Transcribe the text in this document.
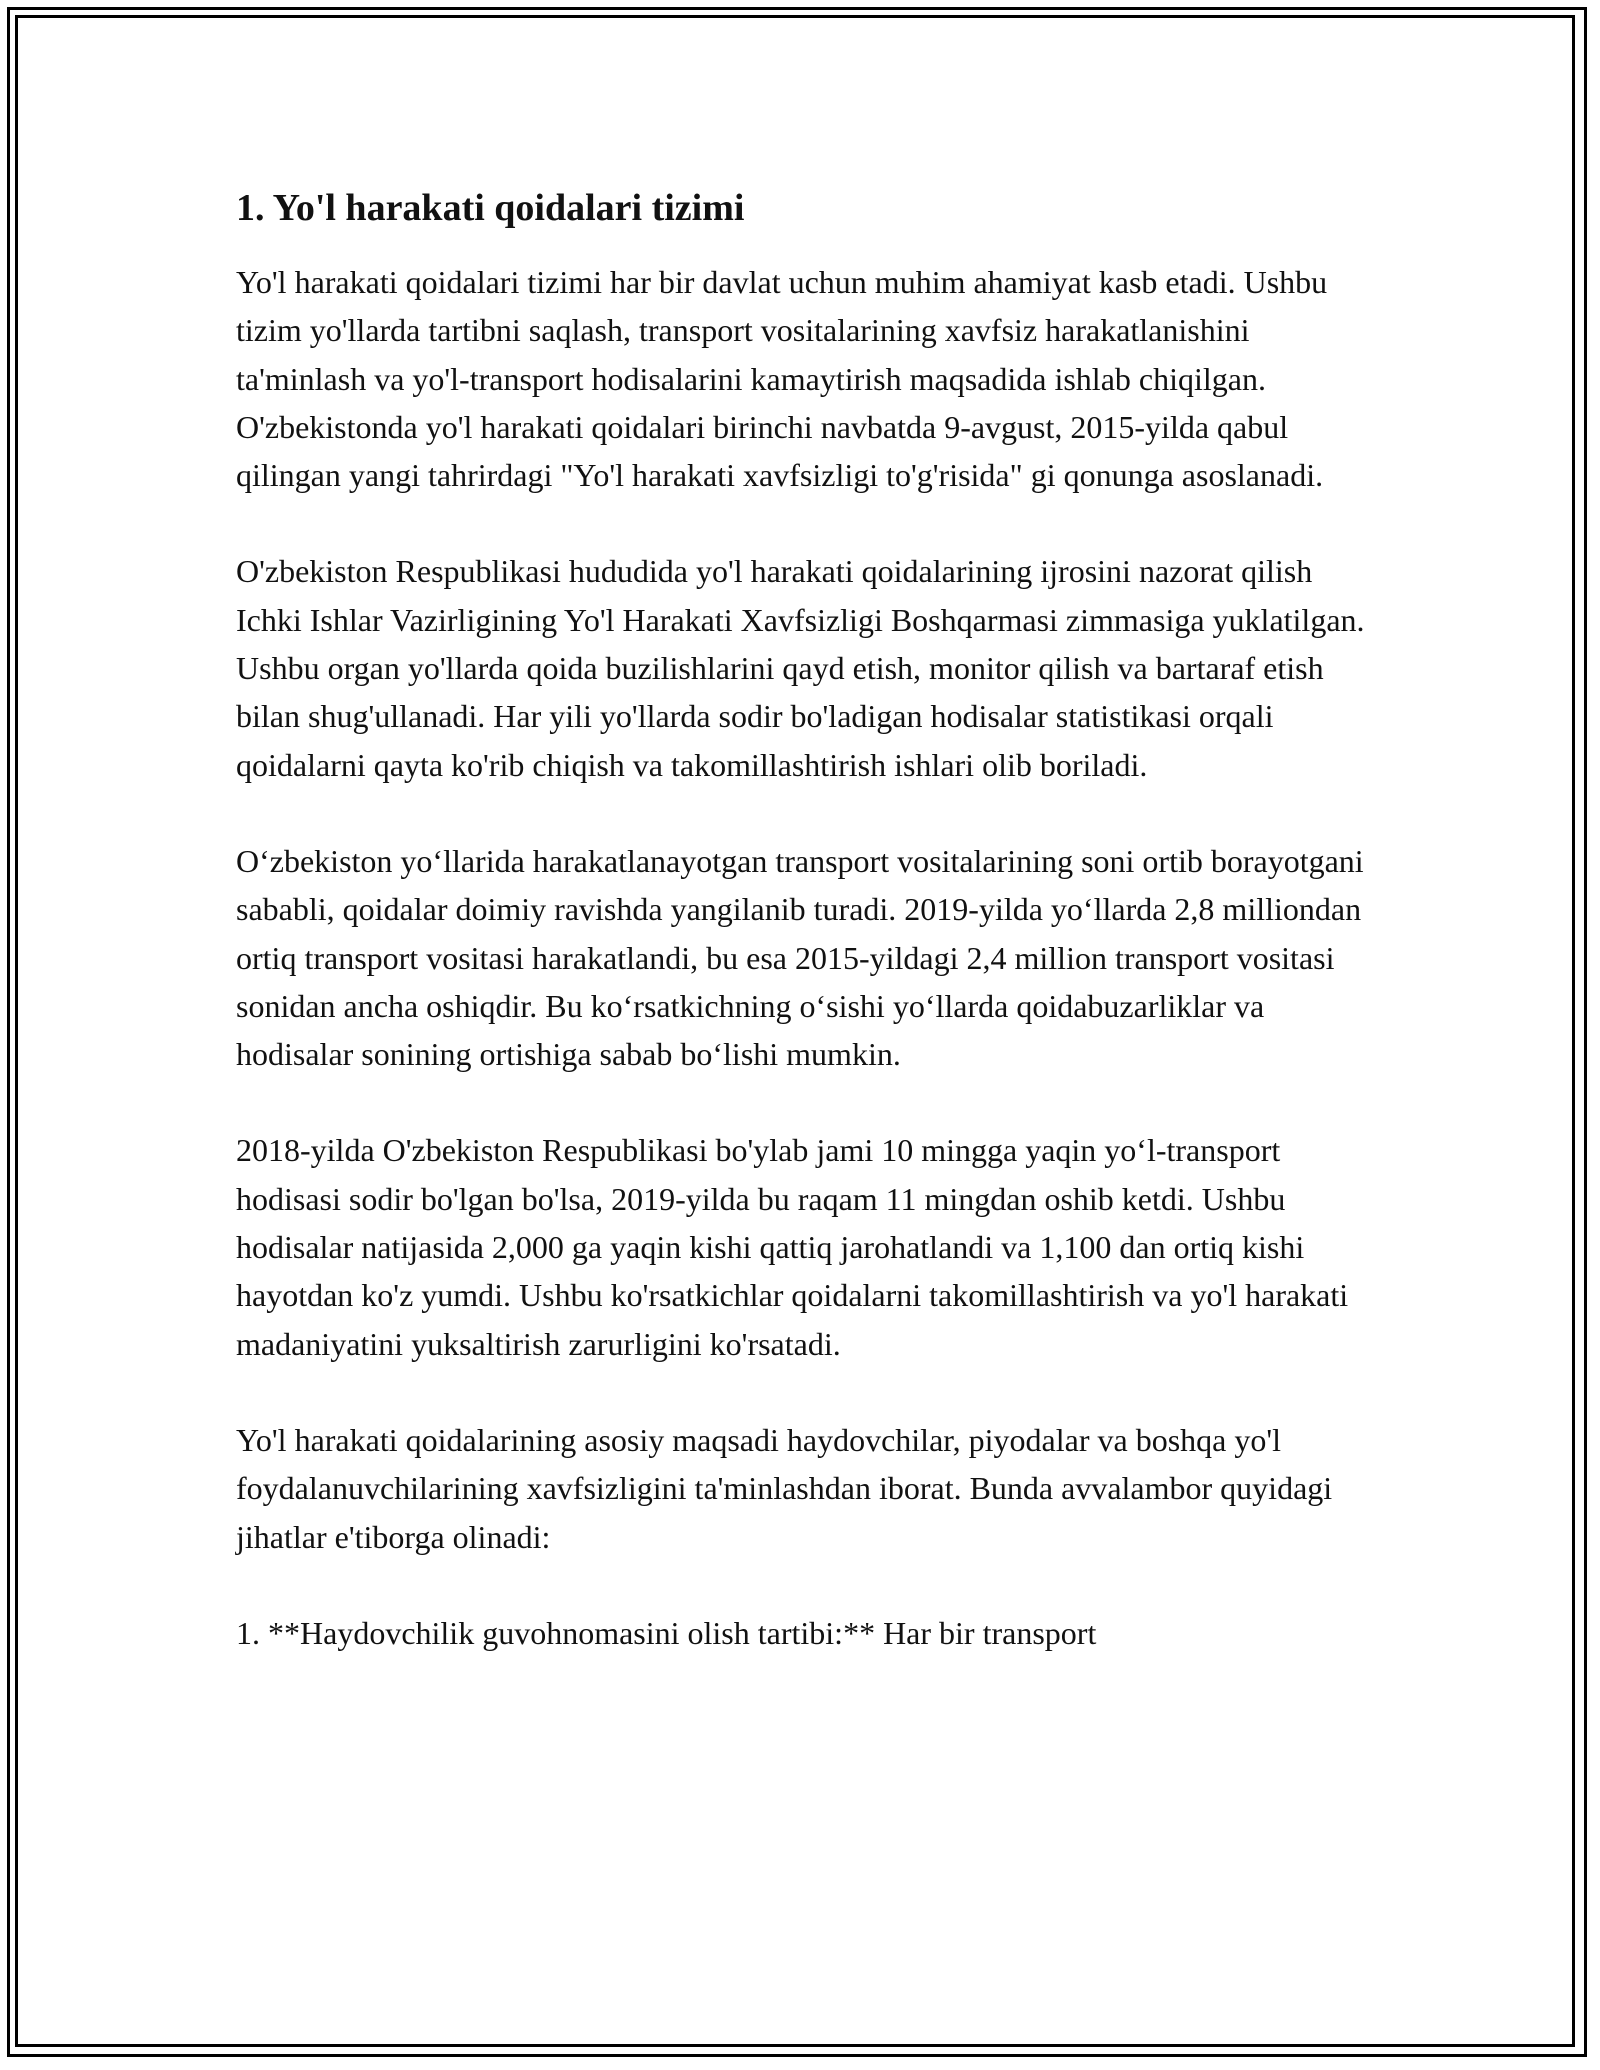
1. Yo'l harakati qoidalari tizimi

Yo'l harakati qoidalari tizimi har bir davlat uchun muhim ahamiyat kasb etadi. Ushbu tizim yo'llarda tartibni saqlash, transport vositalarining xavfsiz harakatlanishini ta'minlash va yo'l-transport hodisalarini kamaytirish maqsadida ishlab chiqilgan. O'zbekistonda yo'l harakati qoidalari birinchi navbatda 9-avgust, 2015-yilda qabul qilingan yangi tahrirdagi "Yo'l harakati xavfsizligi to'g'risida" gi qonunga asoslanadi.

O'zbekiston Respublikasi hududida yo'l harakati qoidalarining ijrosini nazorat qilish Ichki Ishlar Vazirligining Yo'l Harakati Xavfsizligi Boshqarmasi zimmasiga yuklatilgan. Ushbu organ yo'llarda qoida buzilishlarini qayd etish, monitor qilish va bartaraf etish bilan shug'ullanadi. Har yili yo'llarda sodir bo'ladigan hodisalar statistikasi orqali qoidalarni qayta ko'rib chiqish va takomillashtirish ishlari olib boriladi.

O‘zbekiston yo‘llarida harakatlanayotgan transport vositalarining soni ortib borayotgani sababli, qoidalar doimiy ravishda yangilanib turadi. 2019-yilda yo‘llarda 2,8 milliondan ortiq transport vositasi harakatlandi, bu esa 2015-yildagi 2,4 million transport vositasi sonidan ancha oshiqdir. Bu ko‘rsatkichning o‘sishi yo‘llarda qoidabuzarliklar va hodisalar sonining ortishiga sabab bo‘lishi mumkin.

2018-yilda O'zbekiston Respublikasi bo'ylab jami 10 mingga yaqin yo‘l-transport hodisasi sodir bo'lgan bo'lsa, 2019-yilda bu raqam 11 mingdan oshib ketdi. Ushbu hodisalar natijasida 2,000 ga yaqin kishi qattiq jarohatlandi va 1,100 dan ortiq kishi hayotdan ko'z yumdi. Ushbu ko'rsatkichlar qoidalarni takomillashtirish va yo'l harakati madaniyatini yuksaltirish zarurligini ko'rsatadi.

Yo'l harakati qoidalarining asosiy maqsadi haydovchilar, piyodalar va boshqa yo'l foydalanuvchilarining xavfsizligini ta'minlashdan iborat. Bunda avvalambor quyidagi jihatlar e'tiborga olinadi:

1. **Haydovchilik guvohnomasini olish tartibi:** Har bir transport
